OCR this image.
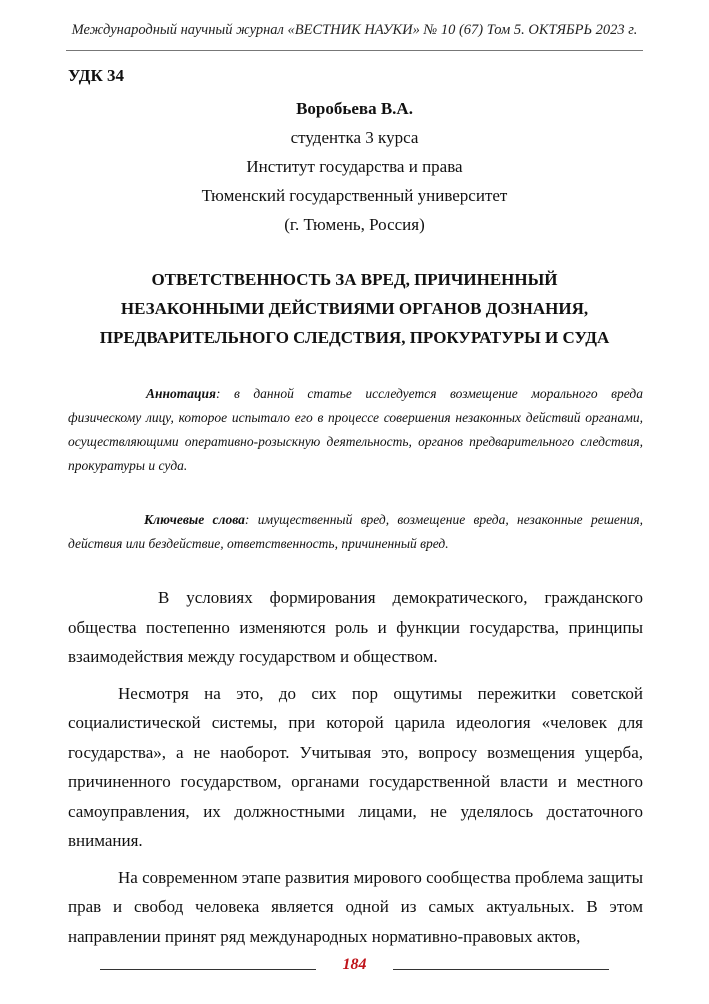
Международный научный журнал «ВЕСТНИК НАУКИ» № 10 (67) Том 5. ОКТЯБРЬ 2023 г.
УДК 34
Воробьева В.А.
студентка 3 курса
Институт государства и права
Тюменский государственный университет
(г. Тюмень, Россия)
ОТВЕТСТВЕННОСТЬ ЗА ВРЕД, ПРИЧИНЕННЫЙ
НЕЗАКОННЫМИ ДЕЙСТВИЯМИ ОРГАНОВ ДОЗНАНИЯ,
ПРЕДВАРИТЕЛЬНОГО СЛЕДСТВИЯ, ПРОКУРАТУРЫ И СУДА
Аннотация: в данной статье исследуется возмещение морального вреда физическому лицу, которое испытало его в процессе совершения незаконных действий органами, осуществляющими оперативно-розыскную деятельность, органов предварительного следствия, прокуратуры и суда.
Ключевые слова: имущественный вред, возмещение вреда, незаконные решения, действия или бездействие, ответственность, причиненный вред.

В условиях формирования демократического, гражданского общества постепенно изменяются роль и функции государства, принципы взаимодействия между государством и обществом.

Несмотря на это, до сих пор ощутимы пережитки советской социалистической системы, при которой царила идеология «человек для государства», а не наоборот. Учитывая это, вопросу возмещения ущерба, причиненного государством, органами государственной власти и местного самоуправления, их должностными лицами, не уделялось достаточного внимания.

На современном этапе развития мирового сообщества проблема защиты прав и свобод человека является одной из самых актуальных. В этом направлении принят ряд международных нормативно-правовых актов,

184
